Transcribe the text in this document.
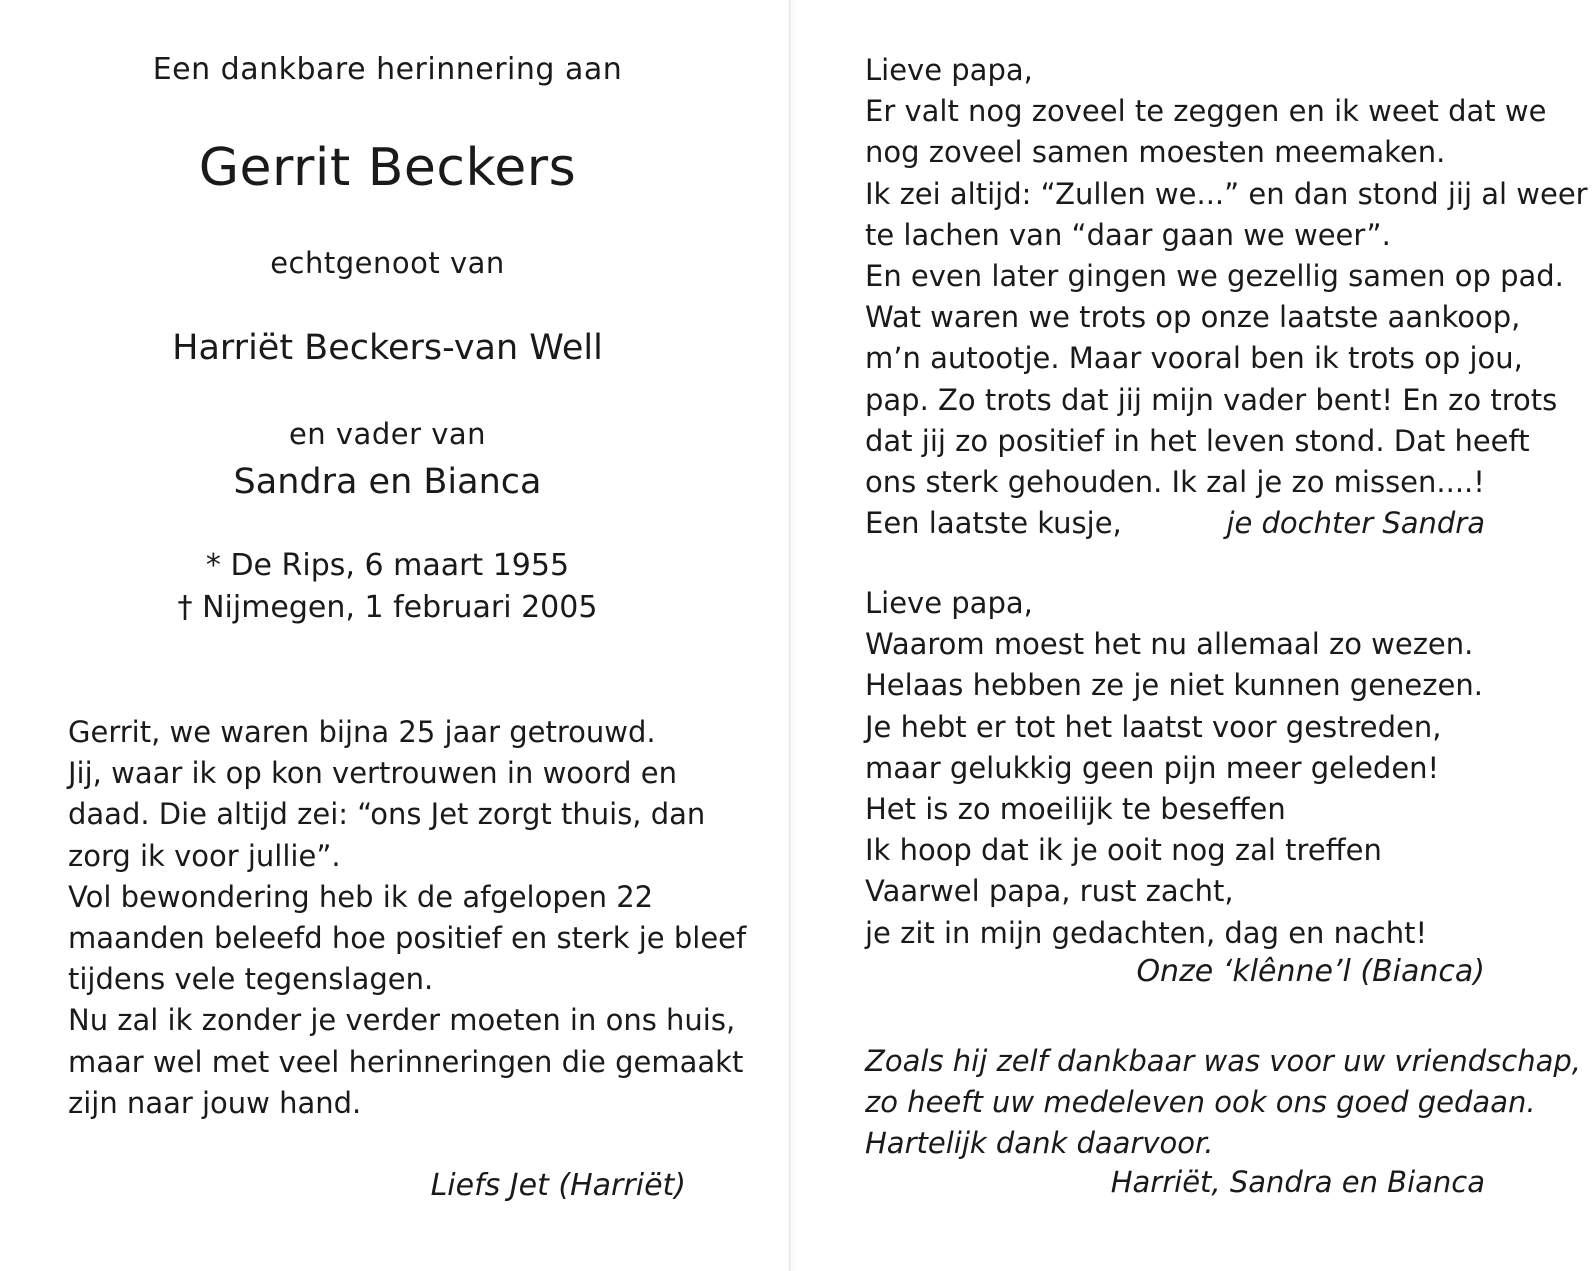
Een dankbare herinnering aan
Gerrit Beckers
echtgenoot van
Harriët Beckers-van Well
en vader van
Sandra en Bianca
* De Rips, 6 maart 1955
† Nijmegen, 1 februari 2005
Gerrit, we waren bijna 25 jaar getrouwd.
Jij, waar ik op kon vertrouwen in woord en
daad. Die altijd zei: “ons Jet zorgt thuis, dan
zorg ik voor jullie”.
Vol bewondering heb ik de afgelopen 22
maanden beleefd hoe positief en sterk je bleef
tijdens vele tegenslagen.
Nu zal ik zonder je verder moeten in ons huis,
maar wel met veel herinneringen die gemaakt
zijn naar jouw hand.
Liefs Jet (Harriët)
Lieve papa,
Er valt nog zoveel te zeggen en ik weet dat we
nog zoveel samen moesten meemaken.
Ik zei altijd: “Zullen we...” en dan stond jij al weer
te lachen van “daar gaan we weer”.
En even later gingen we gezellig samen op pad.
Wat waren we trots op onze laatste aankoop,
m’n autootje. Maar vooral ben ik trots op jou,
pap. Zo trots dat jij mijn vader bent! En zo trots
dat jij zo positief in het leven stond. Dat heeft
ons sterk gehouden. Ik zal je zo missen....!
Een laatste kusje,	je dochter Sandra
Lieve papa,
Waarom moest het nu allemaal zo wezen.
Helaas hebben ze je niet kunnen genezen.
Je hebt er tot het laatst voor gestreden,
maar gelukkig geen pijn meer geleden!
Het is zo moeilijk te beseffen
Ik hoop dat ik je ooit nog zal treffen
Vaarwel papa, rust zacht,
je zit in mijn gedachten, dag en nacht!
Onze ‘klênne’l (Bianca)
Zoals hij zelf dankbaar was voor uw vriendschap,
zo heeft uw medeleven ook ons goed gedaan.
Hartelijk dank daarvoor.
Harriët, Sandra en Bianca
